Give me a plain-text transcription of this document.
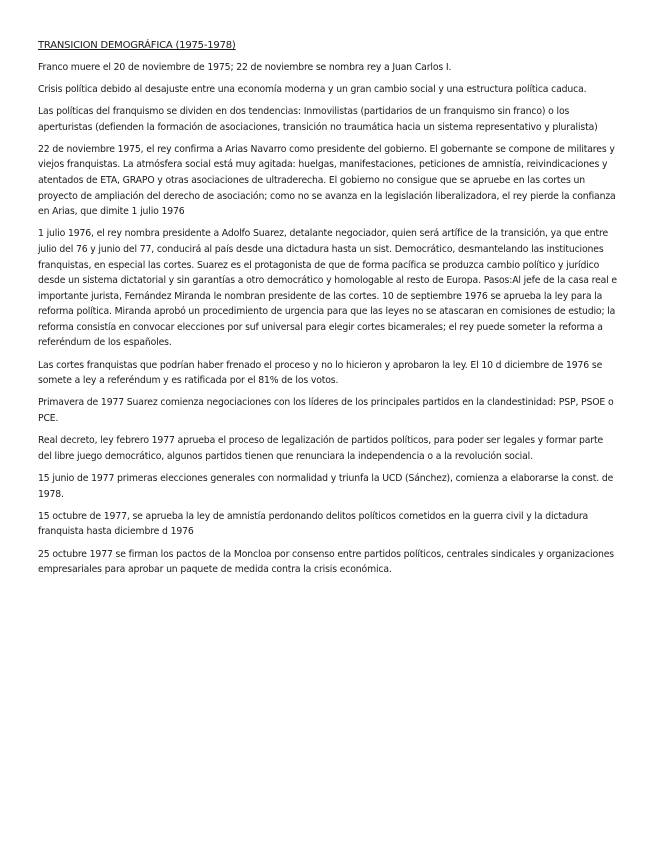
TRANSICION DEMOGRÁFICA (1975-1978)

Franco muere el 20 de noviembre de 1975; 22 de noviembre se nombra rey a Juan Carlos I.

Crisis política debido al desajuste entre una economía moderna y un gran cambio social y una estructura política caduca.

Las políticas del franquismo se dividen en dos tendencias: Inmovilistas (partidarios de un franquismo sin franco) o los aperturistas (defienden la formación de asociaciones, transición no traumática hacia un sistema representativo y pluralista)

22 de noviembre 1975, el rey confirma a Arias Navarro como presidente del gobierno. El gobernante se compone de militares y viejos franquistas. La atmósfera social está muy agitada: huelgas, manifestaciones, peticiones de amnistía, reivindicaciones y atentados de ETA, GRAPO y otras asociaciones de ultraderecha. El gobierno no consigue que se apruebe en las cortes un proyecto de ampliación del derecho de asociación; como no se avanza en la legislación liberalizadora, el rey pierde la confianza en Arias, que dimite 1 julio 1976

1 julio 1976, el rey nombra presidente a Adolfo Suarez, detalante negociador, quien será artífice de la transición, ya que entre julio del 76 y junio del 77, conducirá al país desde una dictadura hasta un sist. Democrático, desmantelando las instituciones franquistas, en especial las cortes. Suarez es el protagonista de que de forma pacífica se produzca cambio político y jurídico desde un sistema dictatorial y sin garantías a otro democrático y homologable al resto de Europa. Pasos:Al jefe de la casa real e importante jurista, Fernández Miranda le nombran presidente de las cortes. 10 de septiembre 1976 se aprueba la ley para la reforma política. Miranda aprobó un procedimiento de urgencia para que las leyes no se atascaran en comisiones de estudio; la reforma consistía en convocar elecciones por suf universal para elegir cortes bicamerales; el rey puede someter la reforma a referéndum de los españoles.

Las cortes franquistas que podrían haber frenado el proceso y no lo hicieron y aprobaron la ley. El 10 d diciembre de 1976 se somete a ley a referéndum y es ratificada por el 81% de los votos.

Primavera de 1977 Suarez comienza negociaciones con los líderes de los principales partidos en la clandestinidad: PSP, PSOE o PCE.

Real decreto, ley febrero 1977 aprueba el proceso de legalización de partidos políticos, para poder ser legales y formar parte del libre juego democrático, algunos partidos tienen que renunciara la independencia o a la revolución social.

15 junio de 1977 primeras elecciones generales con normalidad y triunfa la UCD (Sánchez), comienza a elaborarse la const. de 1978.

15 octubre de 1977, se aprueba la ley de amnistía perdonando delitos políticos cometidos en la guerra civil y la dictadura franquista hasta diciembre d 1976

25 octubre 1977 se firman los pactos de la Moncloa por consenso entre partidos políticos, centrales sindicales y organizaciones empresariales para aprobar un paquete de medida contra la crisis económica.
